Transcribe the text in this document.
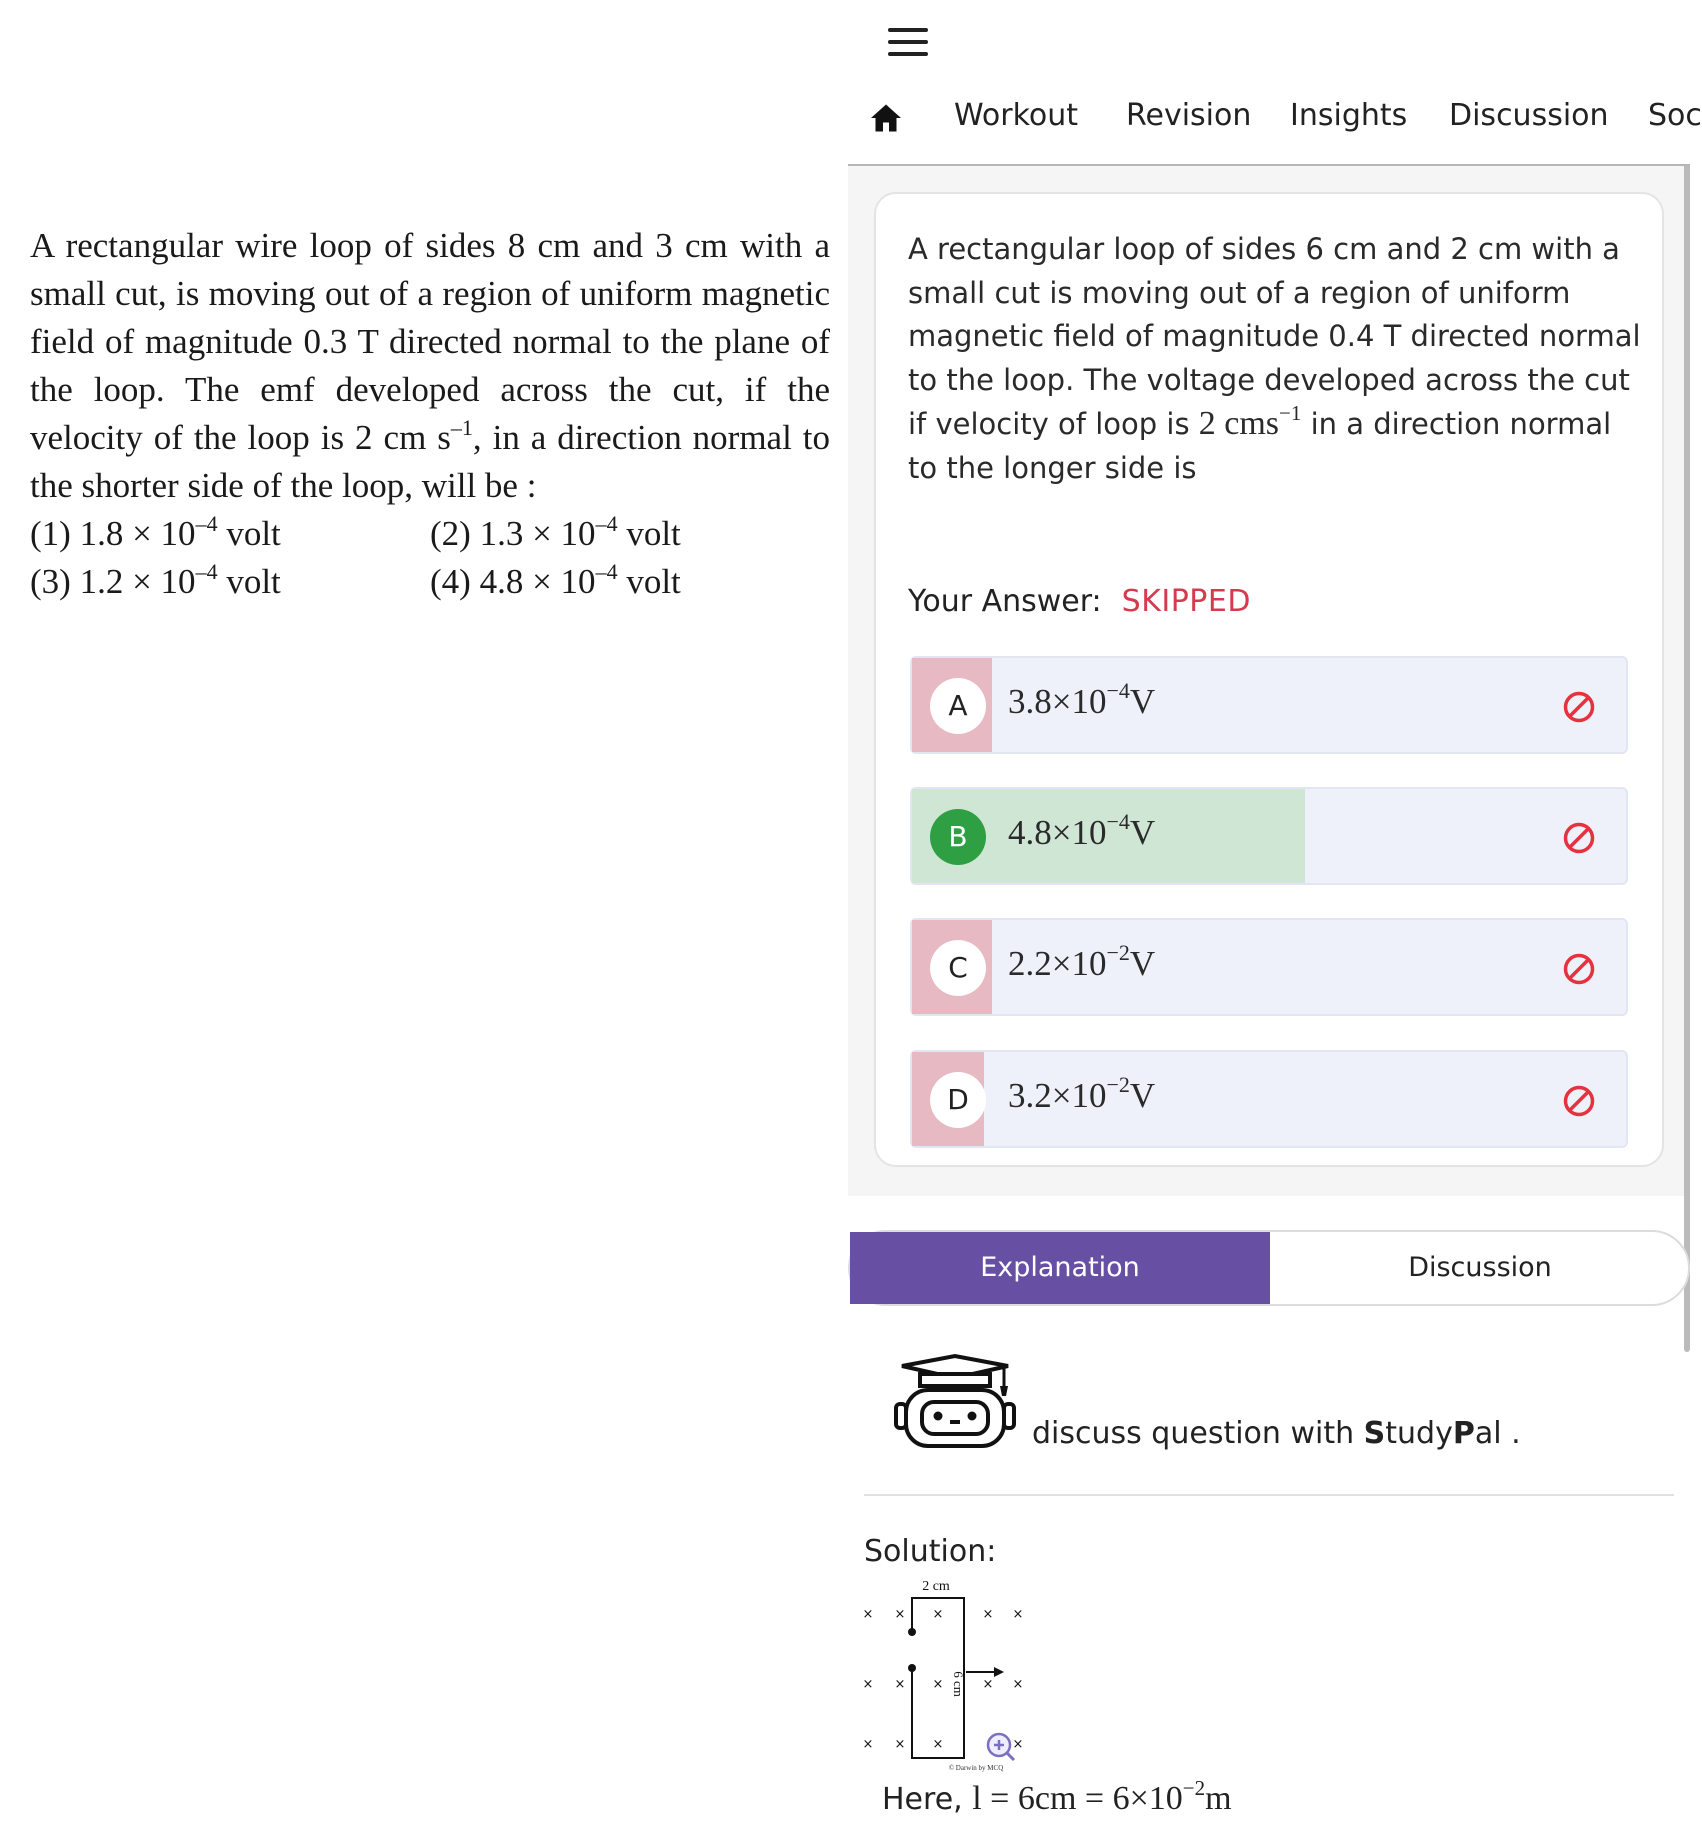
A rectangular wire loop of sides 8 cm and 3 cm with a small cut, is moving out of a region of uniform magnetic field of magnitude 0.3 T directed normal to the plane of the loop. The emf developed across the cut, if the velocity of the loop is 2 cm $s^{-1}$, in a direction normal to the shorter side of the loop, will be :

(1) $1.8 \times 10^{-4}$ volt	(2) $1.3 \times 10^{-4}$ volt
(3) $1.2 \times 10^{-4}$ volt	(4) $4.8 \times 10^{-4}$ volt
Workout Revision Insights Discussion Soc
A rectangular loop of sides 6 cm and 2 cm with a small cut is moving out of a region of uniform magnetic field of magnitude 0.4 T directed normal to the loop. The voltage developed across the cut if velocity of loop is 2 cms$^{-1}$ in a direction normal to the longer side is
Your Answer: SKIPPED
A	$3.8\times 10^{-4}V$
B	$4.8\times 10^{-4}V$
C	$2.2\times 10^{-2}V$
D	$3.2\times 10^{-2}V$
Explanation	Discussion
discuss question with StudyPal .
Solution:
× × ×	× ×
× × ×	× ×
× × ×	×
2 cm
6 cm
© Darwin by MCQ
Here, $l = 6cm = 6\times 10^{-2}m$
